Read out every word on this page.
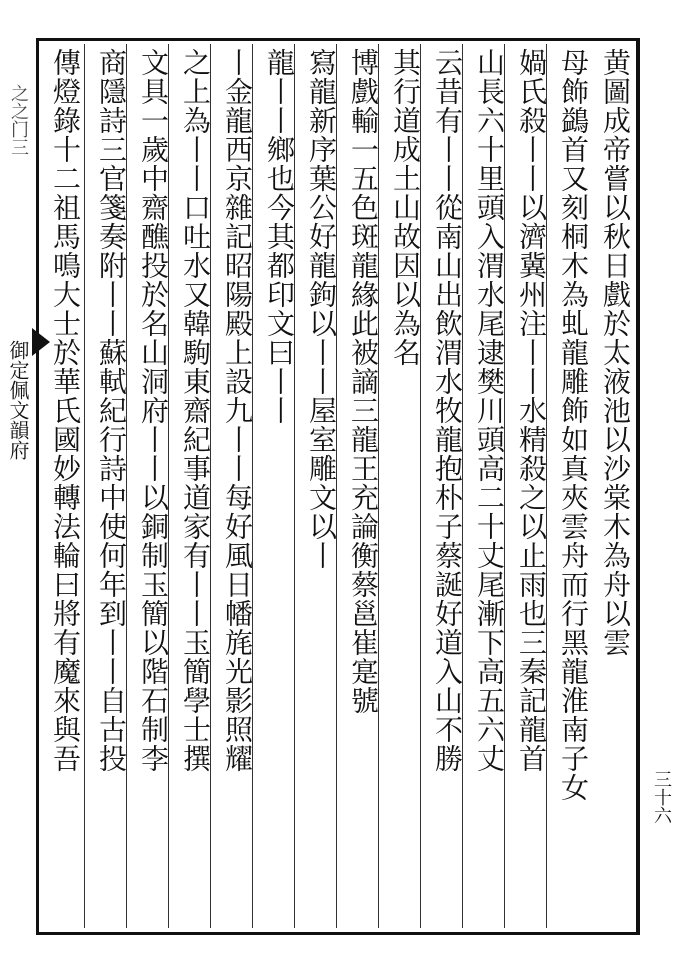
之之门三
御定佩文韻府	黄圖成帝嘗以秋日戲於太液池以沙棠木為舟以雲
母飾鷁首又刻桐木為虬龍雕飾如真夾雲舟而行黑龍淮南子女
媧氏殺丨丨以濟冀州注丨丨水精殺之以止雨也三秦記龍首
山長六十里頭入渭水尾逮樊川頭高二十丈尾漸下高五六丈
云昔有丨丨從南山出飲渭水牧龍抱朴子蔡誕好道入山不勝
其行道成土山故因以為名
博戲輸一五色斑龍緣此被謫三龍王充論衡蔡邕崔寔號
寫龍新序葉公好龍鉤以丨丨屋室雕文以丨
龍丨丨鄉也今其都印文曰丨丨
丨金龍西京雜記昭陽殿上設九丨丨每好風日幡旄光影照耀
之上為丨丨口吐水又韓駒東齋紀事道家有丨丨玉簡學士撰
文具一歲中齋醮投於名山洞府丨丨以銅制玉簡以階石制李
商隱詩三官箋奏附丨丨蘇軾紀行詩中使何年到丨丨自古投
傳燈錄十二祖馬鳴大士於華氏國妙轉法輪曰將有魔來與吾
三十六
